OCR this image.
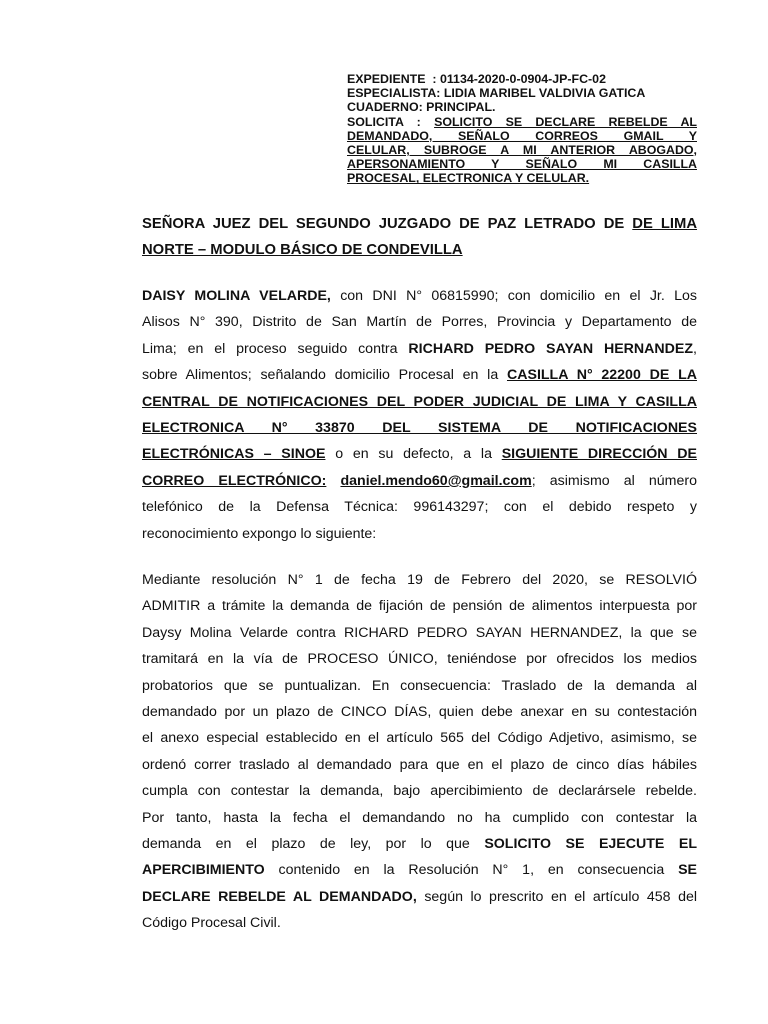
EXPEDIENTE : 01134-2020-0-0904-JP-FC-02
ESPECIALISTA: LIDIA MARIBEL VALDIVIA GATICA
CUADERNO: PRINCIPAL.
SOLICITA : SOLICITO SE DECLARE REBELDE AL
DEMANDADO, SEÑALO CORREOS GMAIL Y
CELULAR, SUBROGE A MI ANTERIOR ABOGADO,
APERSONAMIENTO Y SEÑALO MI CASILLA
PROCESAL, ELECTRONICA Y CELULAR.
SEÑORA JUEZ DEL SEGUNDO JUZGADO DE PAZ LETRADO DE DE LIMA
NORTE – MODULO BÁSICO DE CONDEVILLA
DAISY MOLINA VELARDE, con DNI N° 06815990; con domicilio en el Jr. Los
Alisos N° 390, Distrito de San Martín de Porres, Provincia y Departamento de
Lima; en el proceso seguido contra RICHARD PEDRO SAYAN HERNANDEZ,
sobre Alimentos; señalando domicilio Procesal en la CASILLA N° 22200 DE LA
CENTRAL DE NOTIFICACIONES DEL PODER JUDICIAL DE LIMA Y CASILLA
ELECTRONICA N° 33870 DEL SISTEMA DE NOTIFICACIONES
ELECTRÓNICAS – SINOE o en su defecto, a la SIGUIENTE DIRECCIÓN DE
CORREO ELECTRÓNICO: daniel.mendo60@gmail.com; asimismo al número
telefónico de la Defensa Técnica: 996143297; con el debido respeto y
reconocimiento expongo lo siguiente:
Mediante resolución N° 1 de fecha 19 de Febrero del 2020, se RESOLVIÓ
ADMITIR a trámite la demanda de fijación de pensión de alimentos interpuesta por
Daysy Molina Velarde contra RICHARD PEDRO SAYAN HERNANDEZ, la que se
tramitará en la vía de PROCESO ÚNICO, teniéndose por ofrecidos los medios
probatorios que se puntualizan. En consecuencia: Traslado de la demanda al
demandado por un plazo de CINCO DÍAS, quien debe anexar en su contestación
el anexo especial establecido en el artículo 565 del Código Adjetivo, asimismo, se
ordenó correr traslado al demandado para que en el plazo de cinco días hábiles
cumpla con contestar la demanda, bajo apercibimiento de declarársele rebelde.
Por tanto, hasta la fecha el demandando no ha cumplido con contestar la
demanda en el plazo de ley, por lo que SOLICITO SE EJECUTE EL
APERCIBIMIENTO contenido en la Resolución N° 1, en consecuencia SE
DECLARE REBELDE AL DEMANDADO, según lo prescrito en el artículo 458 del
Código Procesal Civil.
